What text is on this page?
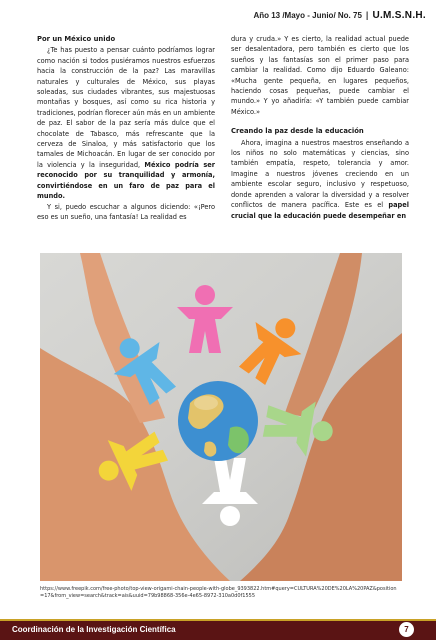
Año 13 /Mayo - Junio/ No. 75 | U.M.S.N.H.

Por un México unido

¿Te has puesto a pensar cuánto podríamos lograr como nación si todos pusiéramos nuestros esfuerzos hacia la construcción de la paz? Las maravillas naturales y culturales de México, sus playas soleadas, sus ciudades vibrantes, sus majestuosas montañas y bosques, así como su rica historia y tradiciones, podrían florecer aún más en un ambiente de paz. El sabor de la paz sería más dulce que el chocolate de Tabasco, más refrescante que la cerveza de Sinaloa, y más satisfactorio que los tamales de Michoacán. En lugar de ser conocido por la violencia y la inseguridad, México podría ser reconocido por su tranquilidad y armonía, convirtiéndose en un faro de paz para el mundo.

Y si, puedo escuchar a algunos diciendo: «¡Pero eso es un sueño, una fantasía! La realidad es

dura y cruda.» Y es cierto, la realidad actual puede ser desalentadora, pero también es cierto que los sueños y las fantasías son el primer paso para cambiar la realidad. Como dijo Eduardo Galeano: «Mucha gente pequeña, en lugares pequeños, haciendo cosas pequeñas, puede cambiar el mundo.» Y yo añadiría: «Y también puede cambiar México.»

Creando la paz desde la educación

Ahora, imagina a nuestros maestros enseñando a los niños no solo matemáticas y ciencias, sino también empatía, respeto, tolerancia y amor. Imagine a nuestros jóvenes creciendo en un ambiente escolar seguro, inclusivo y respetuoso, donde aprenden a valorar la diversidad y a resolver conflictos de manera pacífica. Este es el papel crucial que la educación puede desempeñar en

https://www.freepik.com/free-photo/top-view-origami-chain-people-with-globe_9393822.htm#query=CULTURA%20DE%20LA%20PAZ&position=17&from_view=search&track=ais&uuid=79b98868-356e-4e65-8972-310a0d0f1555
Coordinación de la Investigación Científica	7
